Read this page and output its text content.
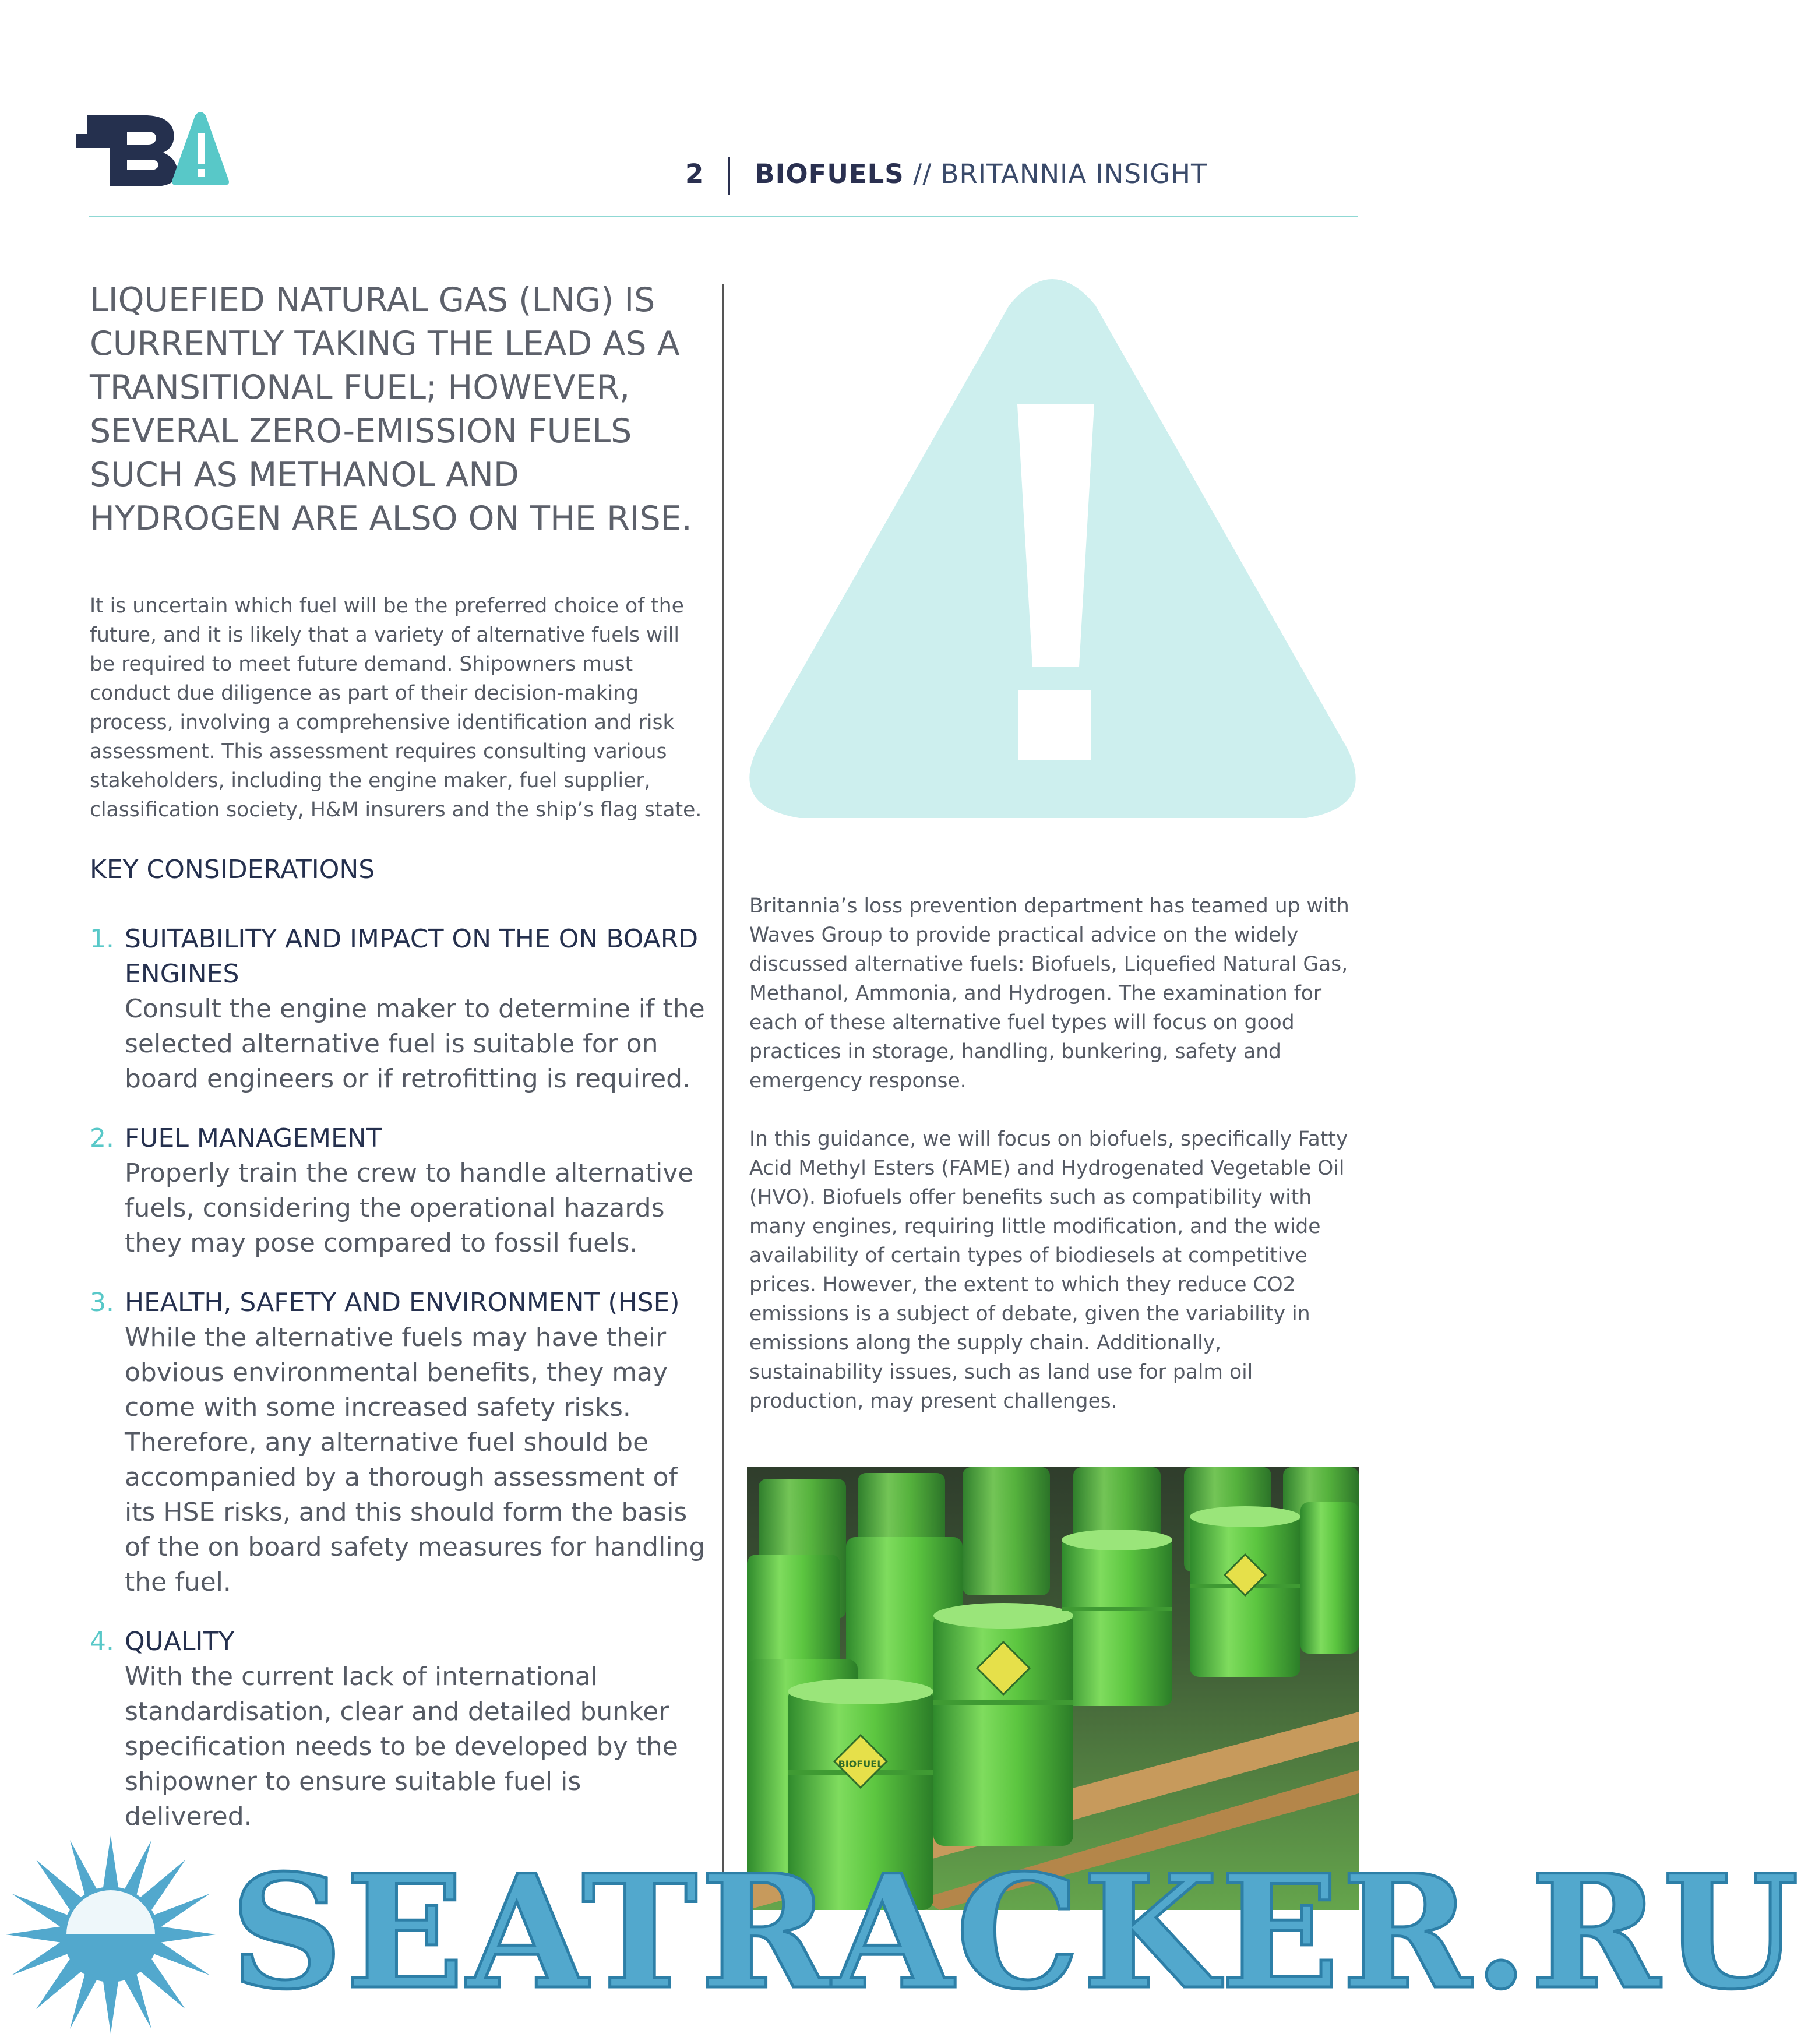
2 BIOFUELS // BRITANNIA INSIGHT
LIQUEFIED NATURAL GAS (LNG) IS CURRENTLY TAKING THE LEAD AS A TRANSITIONAL FUEL; HOWEVER, SEVERAL ZERO-EMISSION FUELS SUCH AS METHANOL AND HYDROGEN ARE ALSO ON THE RISE.

It is uncertain which fuel will be the preferred choice of the future, and it is likely that a variety of alternative fuels will be required to meet future demand. Shipowners must conduct due diligence as part of their decision-making process, involving a comprehensive identification and risk assessment. This assessment requires consulting various stakeholders, including the engine maker, fuel supplier, classification society, H&M insurers and the ship’s flag state.

KEY CONSIDERATIONS
1. SUITABILITY AND IMPACT ON THE ON BOARD ENGINES
Consult the engine maker to determine if the selected alternative fuel is suitable for on board engineers or if retrofitting is required.
2. FUEL MANAGEMENT
Properly train the crew to handle alternative fuels, considering the operational hazards they may pose compared to fossil fuels.
3. HEALTH, SAFETY AND ENVIRONMENT (HSE)
While the alternative fuels may have their obvious environmental benefits, they may come with some increased safety risks. Therefore, any alternative fuel should be accompanied by a thorough assessment of its HSE risks, and this should form the basis of the on board safety measures for handling the fuel.
4. QUALITY
With the current lack of international standardisation, clear and detailed bunker specification needs to be developed by the shipowner to ensure suitable fuel is delivered.

Britannia’s loss prevention department has teamed up with Waves Group to provide practical advice on the widely discussed alternative fuels: Biofuels, Liquefied Natural Gas, Methanol, Ammonia, and Hydrogen. The examination for each of these alternative fuel types will focus on good practices in storage, handling, bunkering, safety and emergency response.

In this guidance, we will focus on biofuels, specifically Fatty Acid Methyl Esters (FAME) and Hydrogenated Vegetable Oil (HVO). Biofuels offer benefits such as compatibility with many engines, requiring little modification, and the wide availability of certain types of biodiesels at competitive prices. However, the extent to which they reduce CO2 emissions is a subject of debate, given the variability in emissions along the supply chain. Additionally, sustainability issues, such as land use for palm oil production, may present challenges.

BIOFUEL
SEATRACKER.RU
